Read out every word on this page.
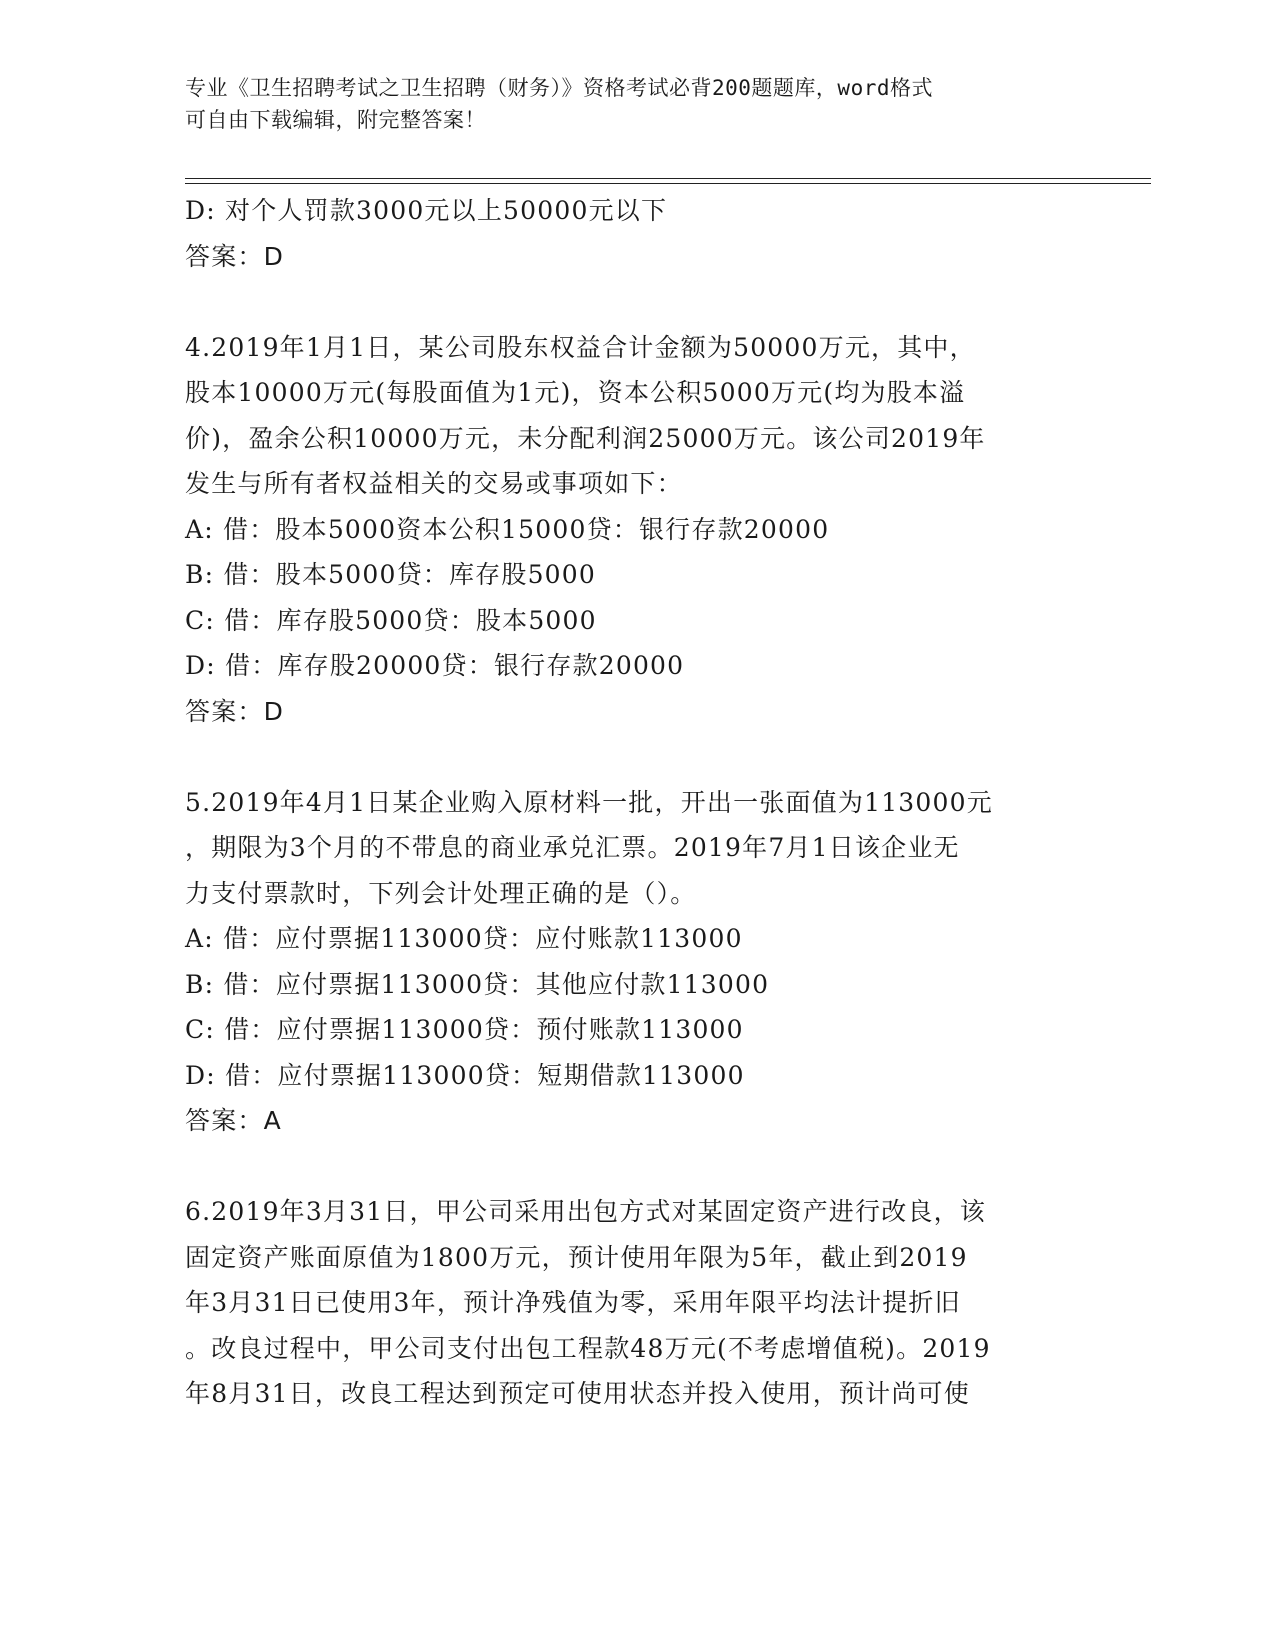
专业《卫生招聘考试之卫生招聘（财务）》资格考试必背200题题库，word格式
可自由下载编辑，附完整答案！
D: 对个人罚款3000元以上50000元以下
答案：D
4.2019年1月1日，某公司股东权益合计金额为50000万元，其中，
股本10000万元(每股面值为1元)，资本公积5000万元(均为股本溢
价)，盈余公积10000万元，未分配利润25000万元。该公司2019年
发生与所有者权益相关的交易或事项如下：
A: 借：股本5000资本公积15000贷：银行存款20000
B: 借：股本5000贷：库存股5000
C: 借：库存股5000贷：股本5000
D: 借：库存股20000贷：银行存款20000
答案：D
5.2019年4月1日某企业购入原材料一批，开出一张面值为113000元
，期限为3个月的不带息的商业承兑汇票。2019年7月1日该企业无
力支付票款时，下列会计处理正确的是（）。
A: 借：应付票据113000贷：应付账款113000
B: 借：应付票据113000贷：其他应付款113000
C: 借：应付票据113000贷：预付账款113000
D: 借：应付票据113000贷：短期借款113000
答案：A
6.2019年3月31日，甲公司采用出包方式对某固定资产进行改良，该
固定资产账面原值为1800万元，预计使用年限为5年，截止到2019
年3月31日已使用3年，预计净残值为零，采用年限平均法计提折旧
。改良过程中，甲公司支付出包工程款48万元(不考虑增值税)。2019
年8月31日，改良工程达到预定可使用状态并投入使用，预计尚可使
